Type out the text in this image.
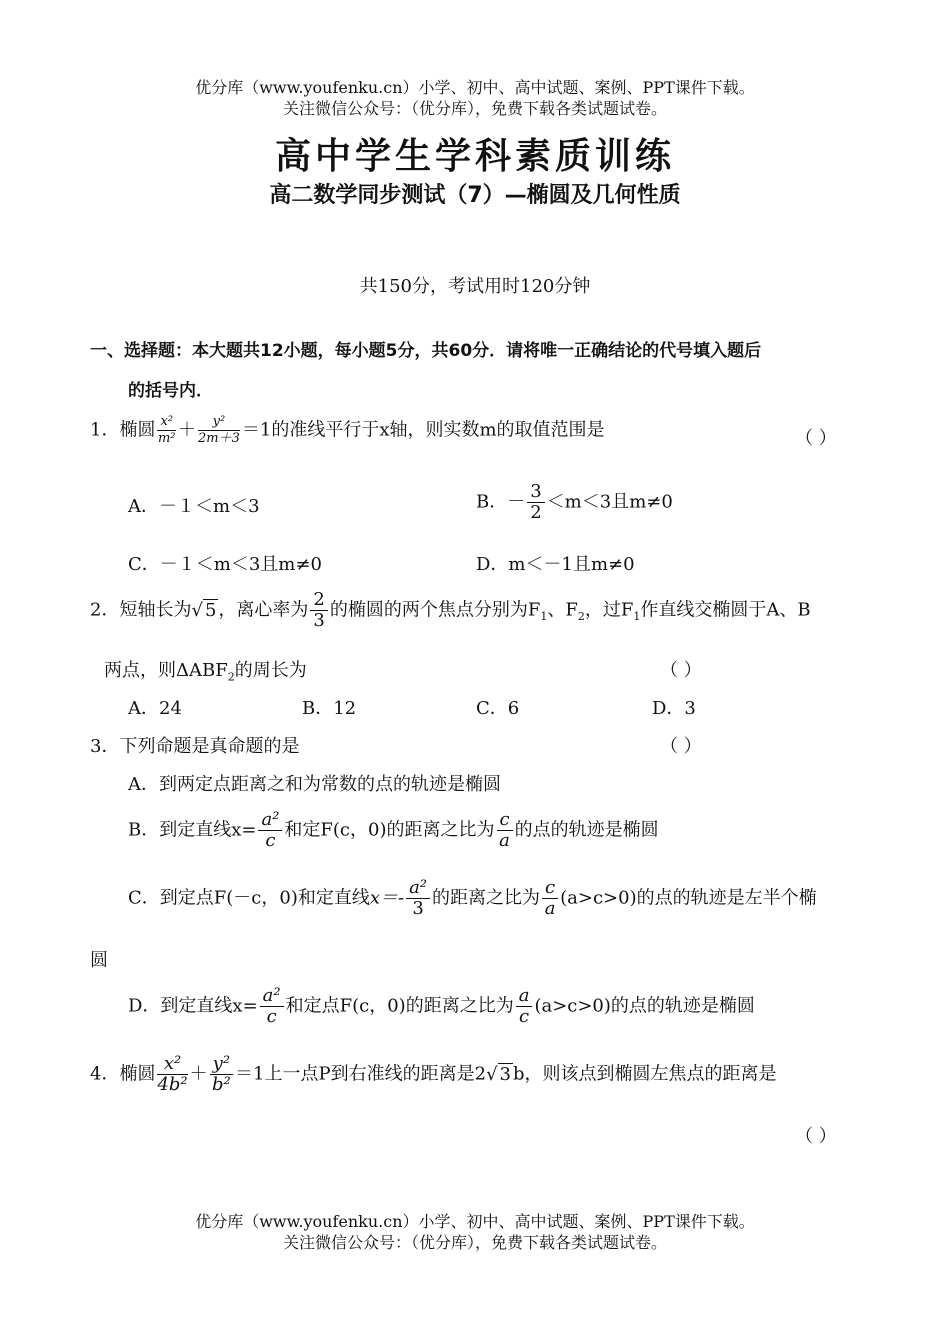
优分库（www.youfenku.cn）小学、初中、高中试题、案例、PPT课件下载。
关注微信公众号：（优分库），免费下载各类试题试卷。
高中学生学科素质训练
高二数学同步测试（7）—椭圆及几何性质
共150分，考试用时120分钟
一、选择题：本大题共12小题，每小题5分，共60分．请将唯一正确结论的代号填入题后
的括号内．
1．椭圆 $\frac{\text{x²}}{\text{m²}} + \frac{\text{y²}}{2m+3} =1$的准线平行于x轴，则实数m的取值范围是	（ ）
A．－１＜m＜3	B．－ $\frac{3}{2} <m<3$且m≠0
C．－１＜m＜3且m≠0	D．m＜－1且m≠0
2．短轴长为√ 5 ，离心率为 $\frac{2}{3}$ 的椭圆的两个焦点分别为$F_1$、$F_2$，过$F_1$作直线交椭圆于A、B
两点，则$\Delta ABF_2$的周长为	（ ）
A．24	B．12	C．6	D．3
3．下列命题是真命题的是	（ ）
A．到两定点距离之和为常数的点的轨迹是椭圆
B．到定直线$x= \frac{\text{a²}}{c}$ 和定F(c，0)的距离之比为 $\frac{c}{a}$ 的点的轨迹是椭圆
C．到定点F(－c，0)和定直线$x=- \frac{\text{a²}}{3}$ 的距离之比为 $\frac{c}{a} (a>c>0)$的点的轨迹是左半个椭
圆
D．到定直线$x= \frac{\text{a²}}{c}$ 和定点F(c，0)的距离之比为 $\frac{a}{c} (a>c>0)$的点的轨迹是椭圆
4．椭圆 $\frac{\text{x²}}{\text{4b²}} + \frac{\text{y²}}{\text{b²}} =1$上一点P到右准线的距离是2√ 3 b，则该点到椭圆左焦点的距离是
（ ）
优分库（www.youfenku.cn）小学、初中、高中试题、案例、PPT课件下载。
关注微信公众号：（优分库），免费下载各类试题试卷。
